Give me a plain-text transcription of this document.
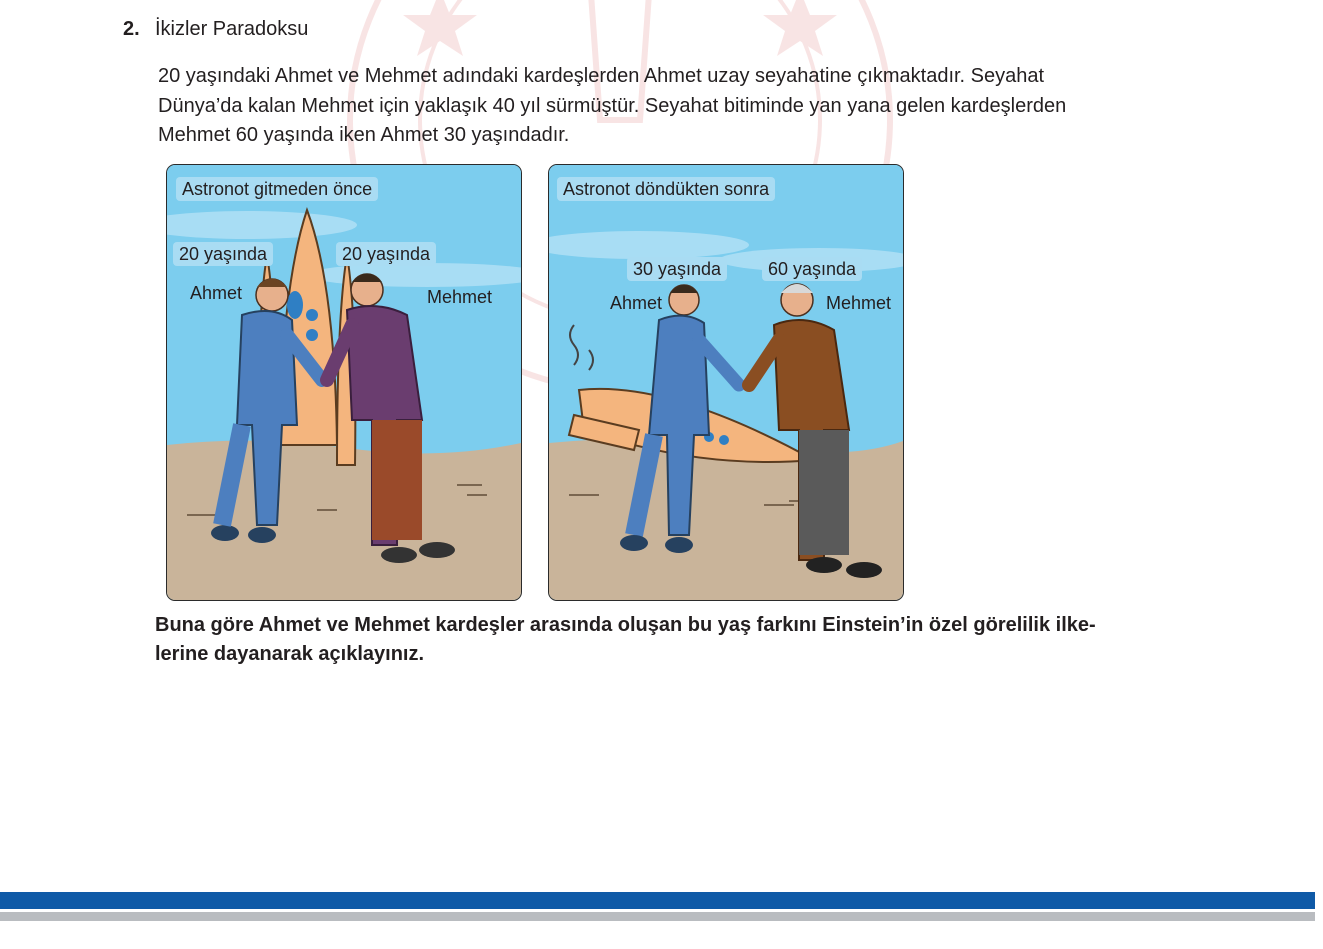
2. İkizler Paradoksu
20 yaşındaki Ahmet ve Mehmet adındaki kardeşlerden Ahmet uzay seyahatine çıkmaktadır. Seyahat
Dünya’da kalan Mehmet için yaklaşık 40 yıl sürmüştür. Seyahat bitiminde yan yana gelen kardeşlerden
Mehmet 60 yaşında iken Ahmet 30 yaşındadır.
Astronot gitmeden önce
20 yaşında
Ahmet
20 yaşında
Mehmet
Astronot döndükten sonra
30 yaşında
Ahmet
60 yaşında
Mehmet
Buna göre Ahmet ve Mehmet kardeşler arasında oluşan bu yaş farkını Einstein’in özel görelilik ilke-
lerine dayanarak açıklayınız.
